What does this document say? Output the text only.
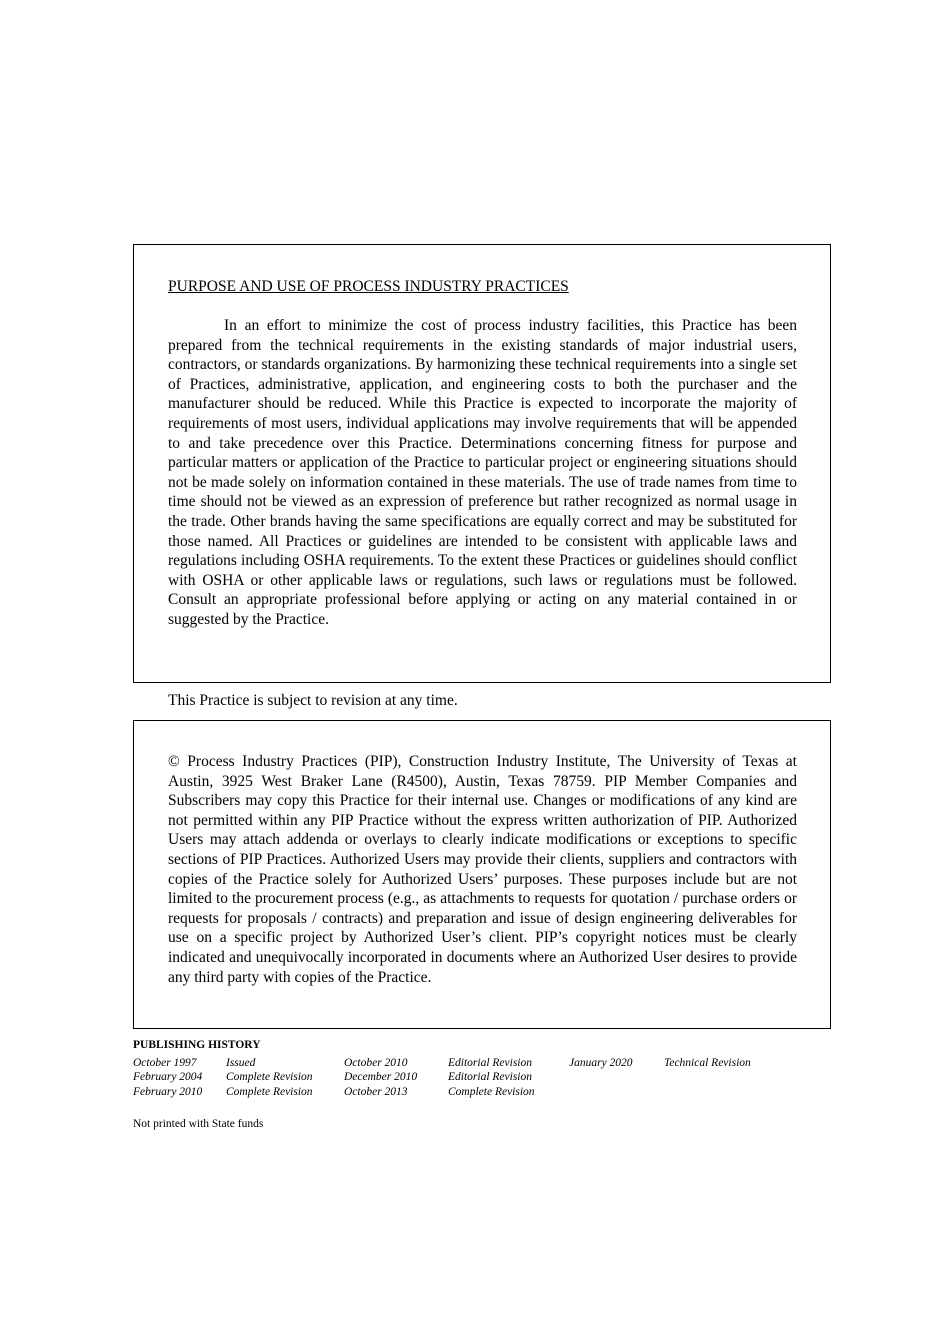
PURPOSE AND USE OF PROCESS INDUSTRY PRACTICES

In an effort to minimize the cost of process industry facilities, this Practice has been prepared from the technical requirements in the existing standards of major industrial users, contractors, or standards organizations. By harmonizing these technical requirements into a single set of Practices, administrative, application, and engineering costs to both the purchaser and the manufacturer should be reduced. While this Practice is expected to incorporate the majority of requirements of most users, individual applications may involve requirements that will be appended to and take precedence over this Practice. Determinations concerning fitness for purpose and particular matters or application of the Practice to particular project or engineering situations should not be made solely on information contained in these materials. The use of trade names from time to time should not be viewed as an expression of preference but rather recognized as normal usage in the trade. Other brands having the same specifications are equally correct and may be substituted for those named. All Practices or guidelines are intended to be consistent with applicable laws and regulations including OSHA requirements. To the extent these Practices or guidelines should conflict with OSHA or other applicable laws or regulations, such laws or regulations must be followed. Consult an appropriate professional before applying or acting on any material contained in or suggested by the Practice.

This Practice is subject to revision at any time.

© Process Industry Practices (PIP), Construction Industry Institute, The University of Texas at Austin, 3925 West Braker Lane (R4500), Austin, Texas 78759. PIP Member Companies and Subscribers may copy this Practice for their internal use. Changes or modifications of any kind are not permitted within any PIP Practice without the express written authorization of PIP. Authorized Users may attach addenda or overlays to clearly indicate modifications or exceptions to specific sections of PIP Practices. Authorized Users may provide their clients, suppliers and contractors with copies of the Practice solely for Authorized Users’ purposes. These purposes include but are not limited to the procurement process (e.g., as attachments to requests for quotation / purchase orders or requests for proposals / contracts) and preparation and issue of design engineering deliverables for use on a specific project by Authorized User’s client. PIP’s copyright notices must be clearly indicated and unequivocally incorporated in documents where an Authorized User desires to provide any third party with copies of the Practice.

PUBLISHING HISTORY
October 1997	Issued	October 2010	Editorial Revision	January 2020	Technical Revision
February 2004	Complete Revision	December 2010	Editorial Revision		
February 2010	Complete Revision	October 2013	Complete Revision		
Not printed with State funds
